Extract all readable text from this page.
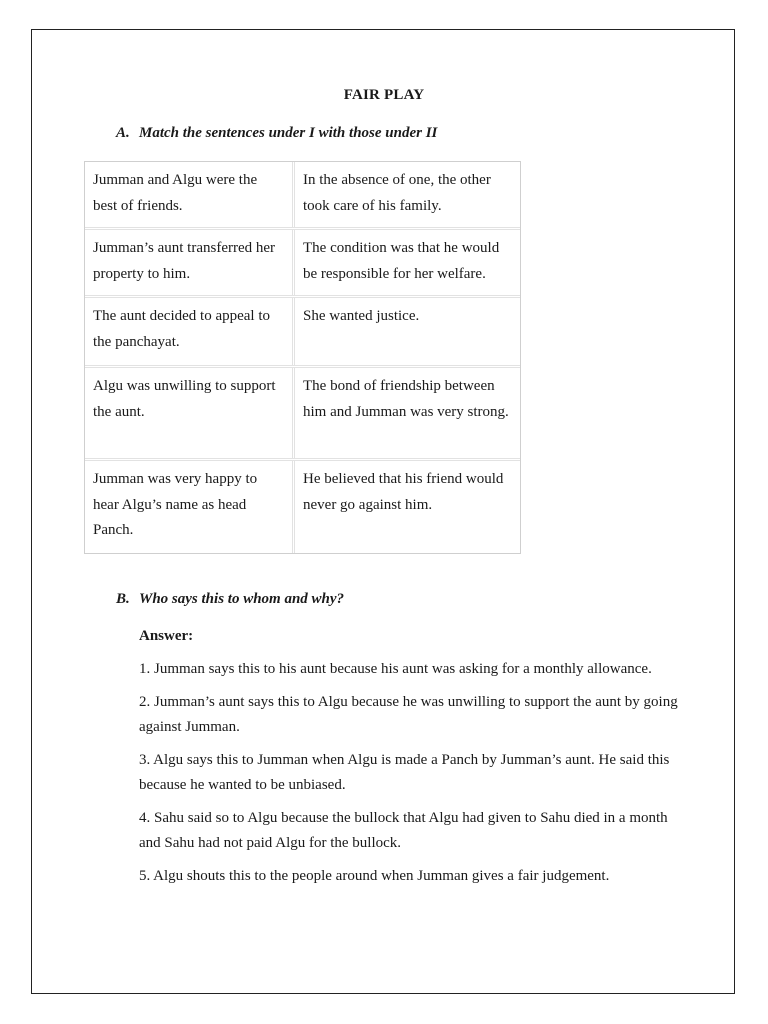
FAIR PLAY
A. Match the sentences under I with those under II
Jumman and Algu were the best of friends.
In the absence of one, the other took care of his family.
Jumman’s aunt transferred her property to him.
The condition was that he would be responsible for her welfare.
The aunt decided to appeal to the panchayat.
She wanted justice.
Algu was unwilling to support the aunt.
The bond of friendship between him and Jumman was very strong.
Jumman was very happy to hear Algu’s name as head Panch.
He believed that his friend would never go against him.
B. Who says this to whom and why?
Answer:

1. Jumman says this to his aunt because his aunt was asking for a monthly allowance.

2. Jumman’s aunt says this to Algu because he was unwilling to support the aunt by going against Jumman.

3. Algu says this to Jumman when Algu is made a Panch by Jumman’s aunt. He said this because he wanted to be unbiased.

4. Sahu said so to Algu because the bullock that Algu had given to Sahu died in a month and Sahu had not paid Algu for the bullock.

5. Algu shouts this to the people around when Jumman gives a fair judgement.
